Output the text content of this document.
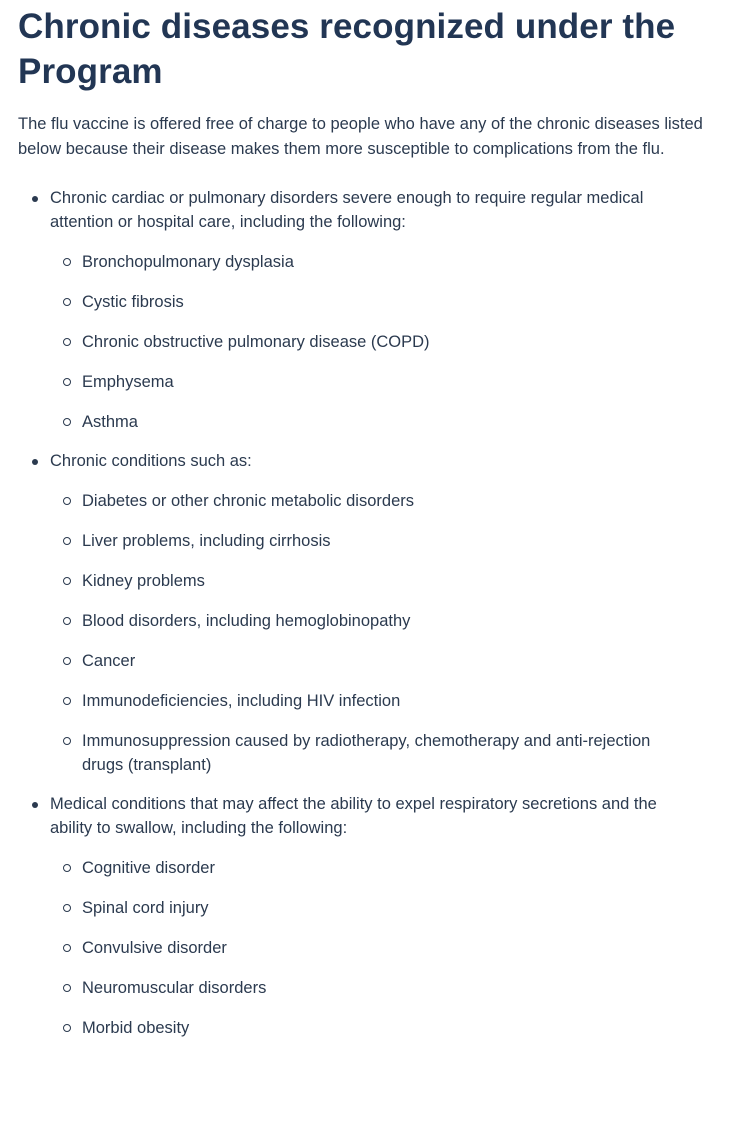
Chronic diseases recognized under the Program

The flu vaccine is offered free of charge to people who have any of the chronic diseases listed below because their disease makes them more susceptible to complications from the flu.

Chronic cardiac or pulmonary disorders severe enough to require regular medical attention or hospital care, including the following:
Bronchopulmonary dysplasia
Cystic fibrosis
Chronic obstructive pulmonary disease (COPD)
Emphysema
Asthma
Chronic conditions such as:
Diabetes or other chronic metabolic disorders
Liver problems, including cirrhosis
Kidney problems
Blood disorders, including hemoglobinopathy
Cancer
Immunodeficiencies, including HIV infection
Immunosuppression caused by radiotherapy, chemotherapy and anti-rejection drugs (transplant)
Medical conditions that may affect the ability to expel respiratory secretions and the ability to swallow, including the following:
Cognitive disorder
Spinal cord injury
Convulsive disorder
Neuromuscular disorders
Morbid obesity
